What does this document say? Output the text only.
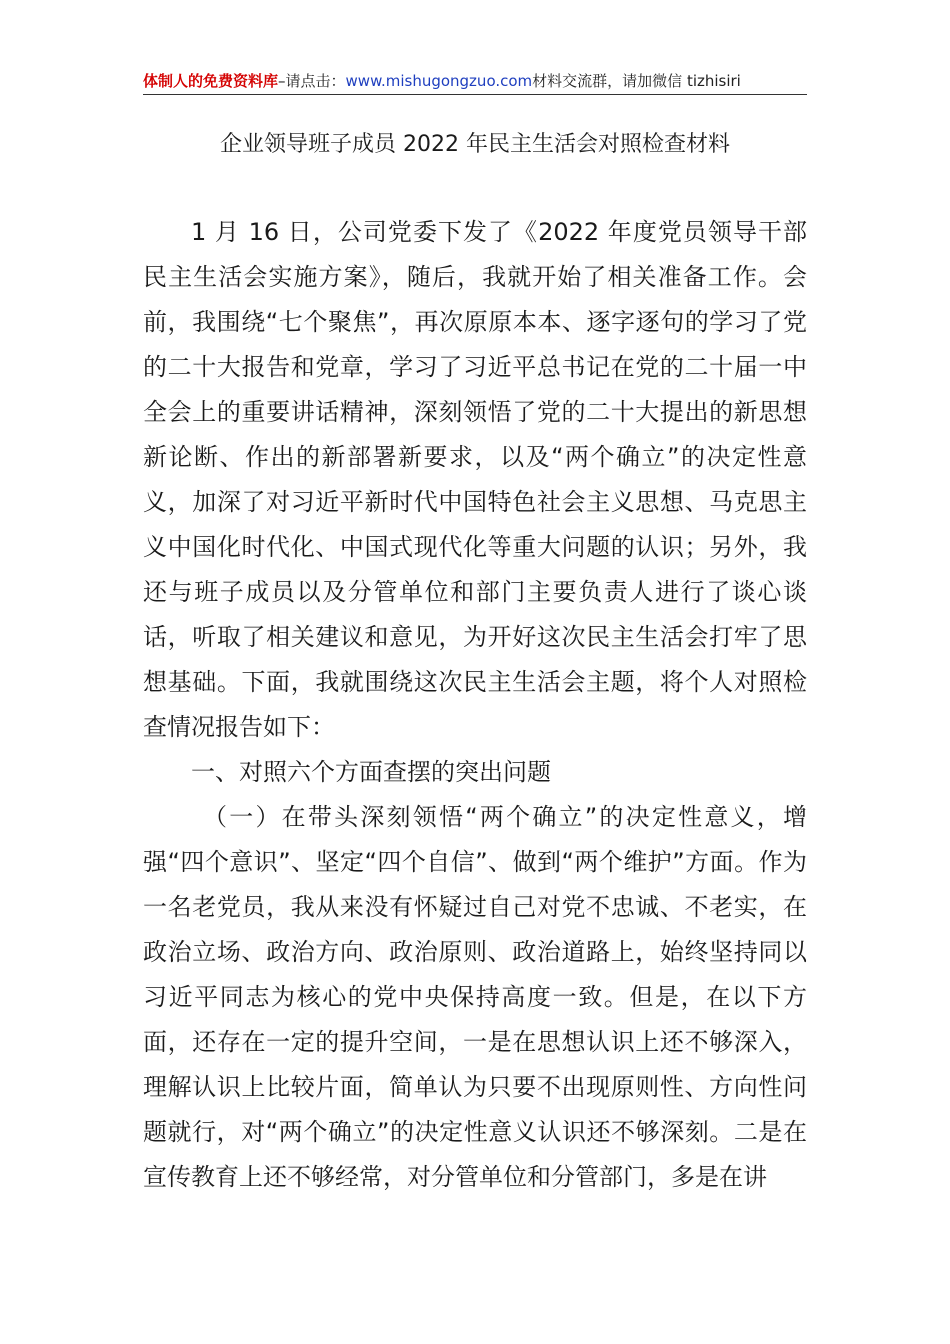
体制人的免费资料库–请点击：www.mishugongzuo.com材料交流群，请加微信 tizhisiri
企业领导班子成员 2022 年民主生活会对照检查材料

1 月 16 日，公司党委下发了《2022 年度党员领导干部民主生活会实施方案》，随后，我就开始了相关准备工作。会前，我围绕“七个聚焦”，再次原原本本、逐字逐句的学习了党的二十大报告和党章，学习了习近平总书记在党的二十届一中全会上的重要讲话精神，深刻领悟了党的二十大提出的新思想新论断、作出的新部署新要求，以及“两个确立”的决定性意义，加深了对习近平新时代中国特色社会主义思想、马克思主义中国化时代化、中国式现代化等重大问题的认识；另外，我还与班子成员以及分管单位和部门主要负责人进行了谈心谈话，听取了相关建议和意见，为开好这次民主生活会打牢了思想基础。下面，我就围绕这次民主生活会主题，将个人对照检查情况报告如下：

一、对照六个方面查摆的突出问题

（一）在带头深刻领悟“两个确立”的决定性意义，增强“四个意识”、坚定“四个自信”、做到“两个维护”方面。作为一名老党员，我从来没有怀疑过自己对党不忠诚、不老实，在政治立场、政治方向、政治原则、政治道路上，始终坚持同以习近平同志为核心的党中央保持高度一致。但是，在以下方面，还存在一定的提升空间，一是在思想认识上还不够深入，理解认识上比较片面，简单认为只要不出现原则性、方向性问题就行，对“两个确立”的决定性意义认识还不够深刻。二是在宣传教育上还不够经常，对分管单位和分管部门，多是在讲
